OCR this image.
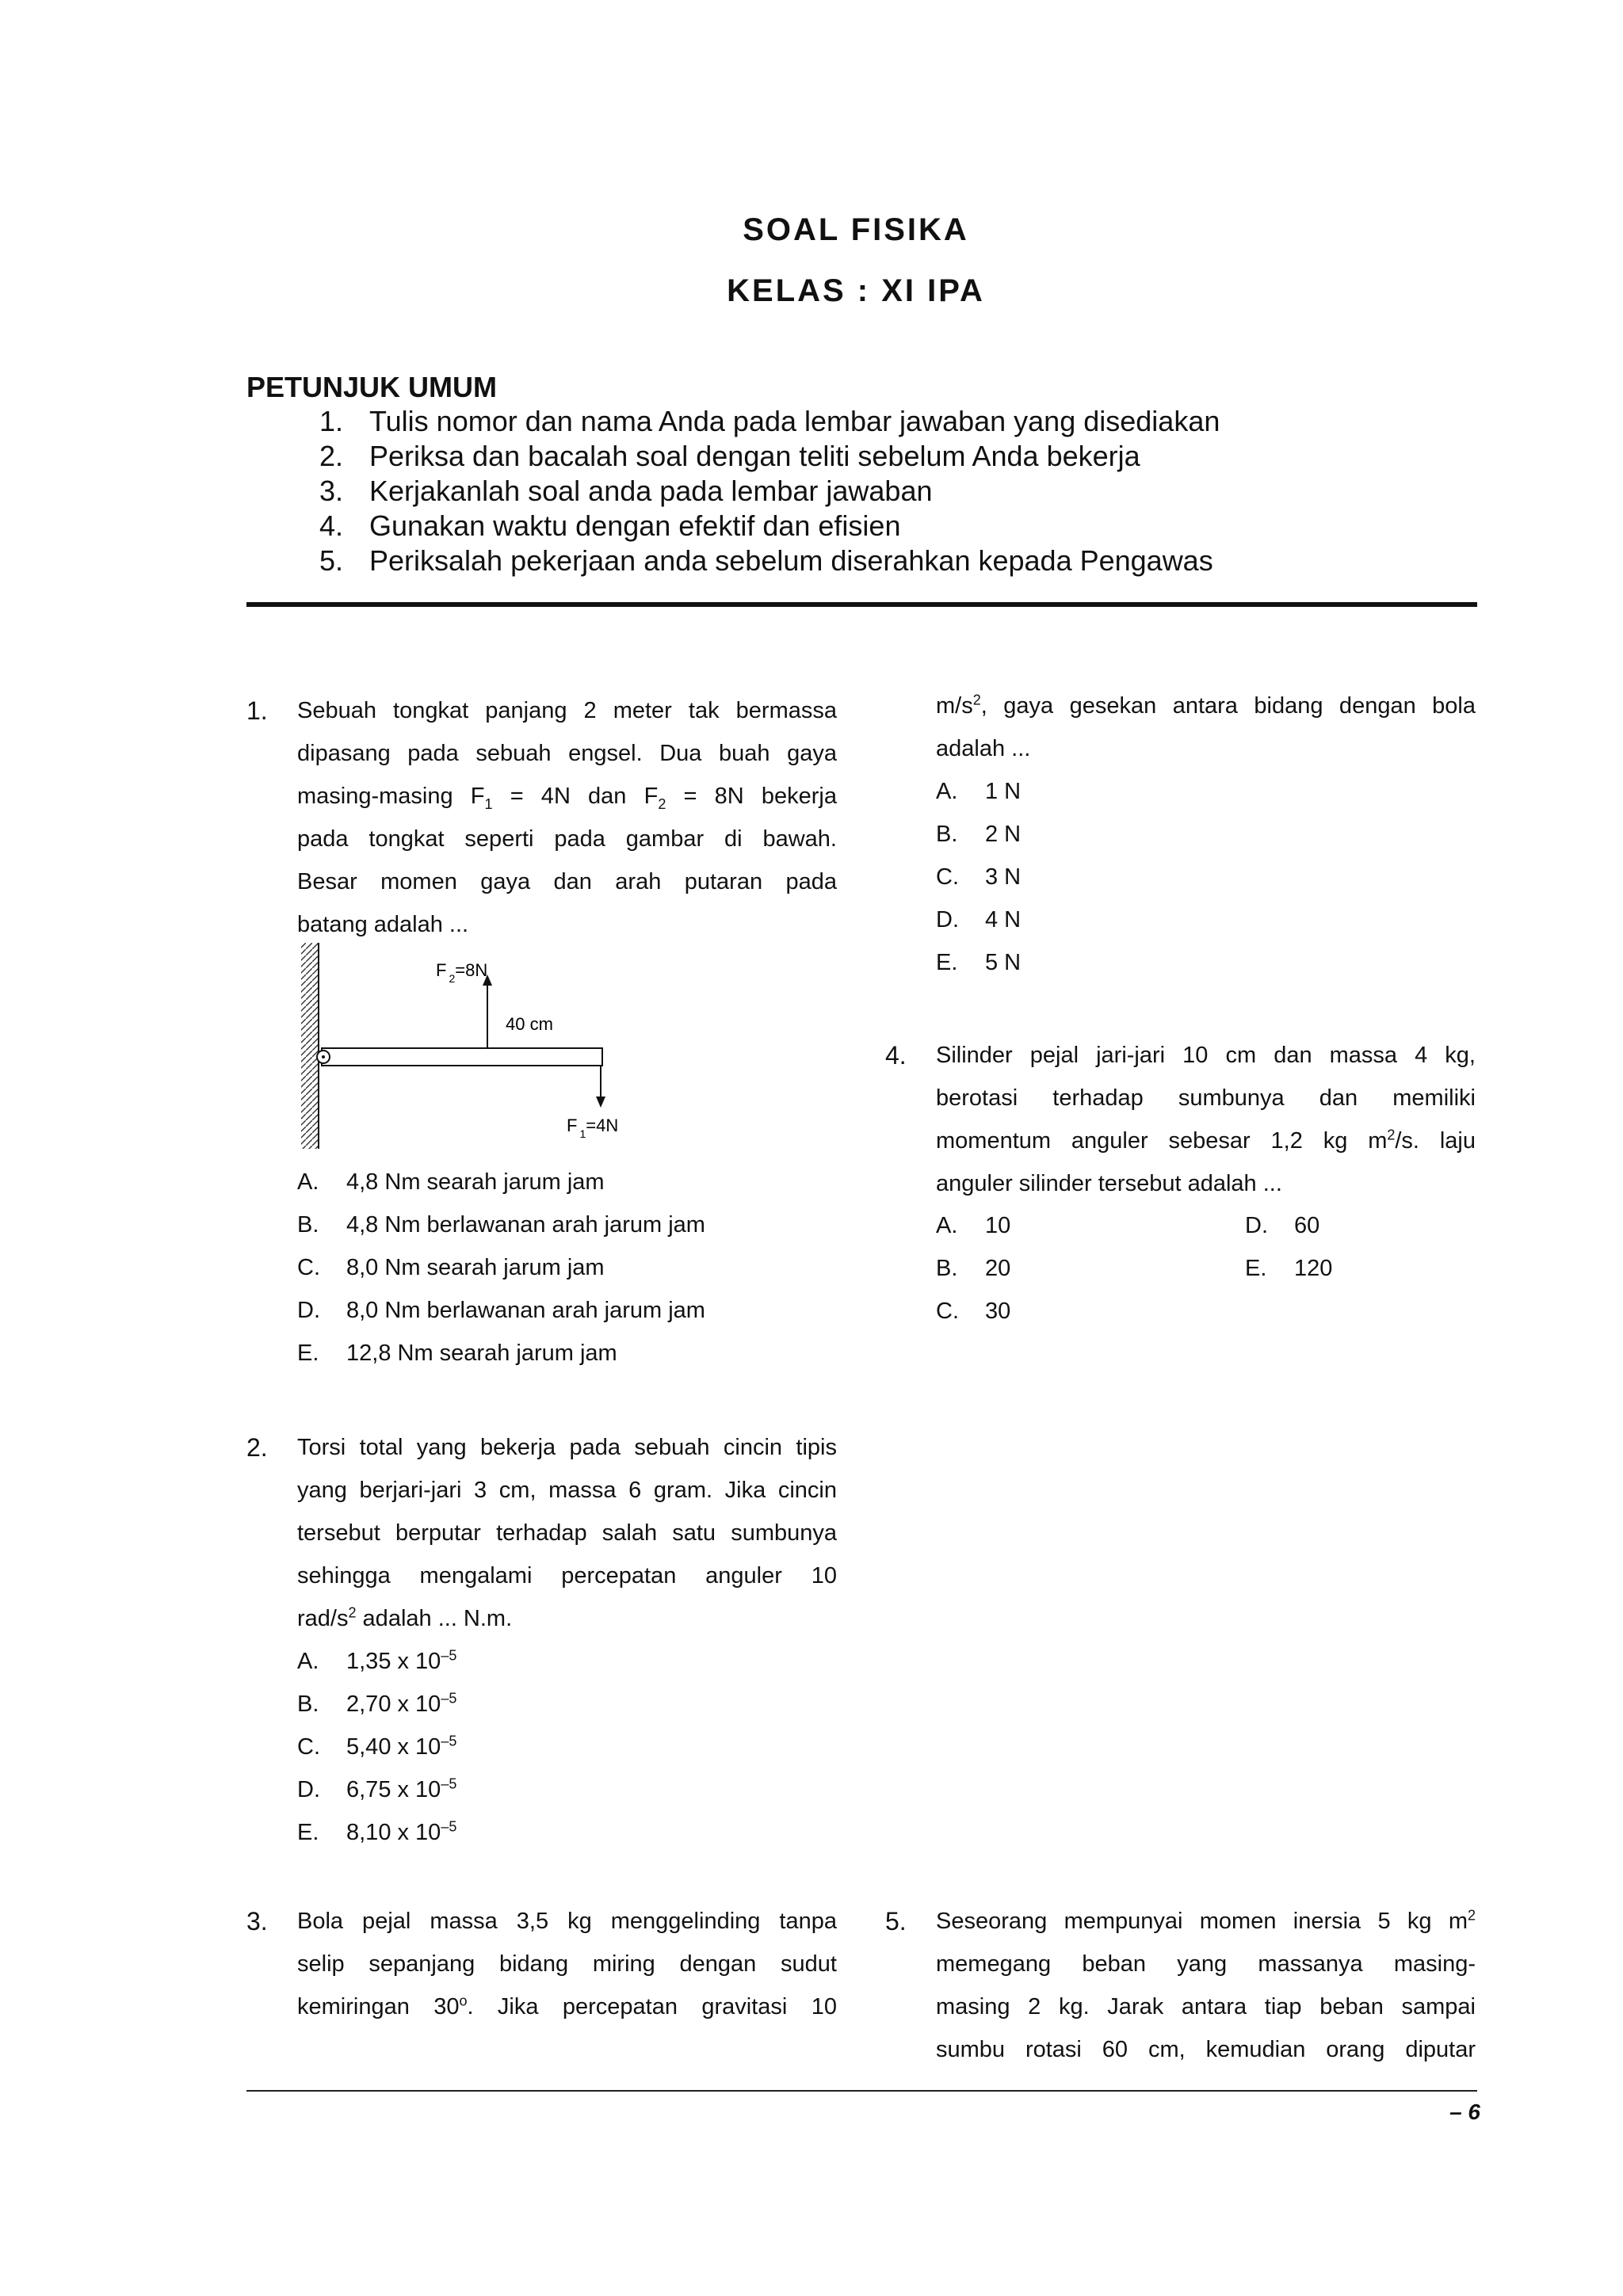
SOAL FISIKA
KELAS : XI IPA
PETUNJUK UMUM
1. Tulis nomor dan nama Anda pada lembar jawaban yang disediakan
2. Periksa dan bacalah soal dengan teliti sebelum Anda bekerja
3. Kerjakanlah soal anda pada lembar jawaban
4. Gunakan waktu dengan efektif dan efisien
5. Periksalah pekerjaan anda sebelum diserahkan kepada Pengawas
1. Sebuah tongkat panjang 2 meter tak bermassa
dipasang pada sebuah engsel. Dua buah gaya
masing-masing $F_1 = 4N$ dan $F_2 = 8N$ bekerja
pada tongkat seperti pada gambar di bawah.
Besar momen gaya dan arah putaran pada
batang adalah ...
F $_2$=8N
40 cm
F $_1$=4N
A. 4,8 Nm searah jarum jam
B. 4,8 Nm berlawanan arah jarum jam
C. 8,0 Nm searah jarum jam
D. 8,0 Nm berlawanan arah jarum jam
E. 12,8 Nm searah jarum jam
2. Torsi total yang bekerja pada sebuah cincin tipis
yang berjari-jari 3 cm, massa 6 gram. Jika cincin
tersebut berputar terhadap salah satu sumbunya
sehingga mengalami percepatan anguler 10
rad/$s^2$ adalah ... N.m.
A. 1,35 x $10^{-5}$
B. 2,70 x $10^{-5}$
C. 5,40 x $10^{-5}$
D. 6,75 x $10^{-5}$
E. 8,10 x $10^{-5}$
3. Bola pejal massa 3,5 kg menggelinding tanpa
selip sepanjang bidang miring dengan sudut
kemiringan 30$^o$. Jika percepatan gravitasi 10
$m/s^2$, gaya gesekan antara bidang dengan bola
adalah ...
A. 1 N
B. 2 N
C. 3 N
D. 4 N
E. 5 N
4. Silinder pejal jari-jari 10 cm dan massa 4 kg,
berotasi terhadap sumbunya dan memiliki
momentum anguler sebesar 1,2 kg $m^2/s$. laju
anguler silinder tersebut adalah ...
A. 10	D. 60
B. 20	E. 120
C. 30
5. Seseorang mempunyai momen inersia 5 kg $m^2$
memegang beban yang massanya masing-
masing 2 kg. Jarak antara tiap beban sampai
sumbu rotasi 60 cm, kemudian orang diputar
– 6
